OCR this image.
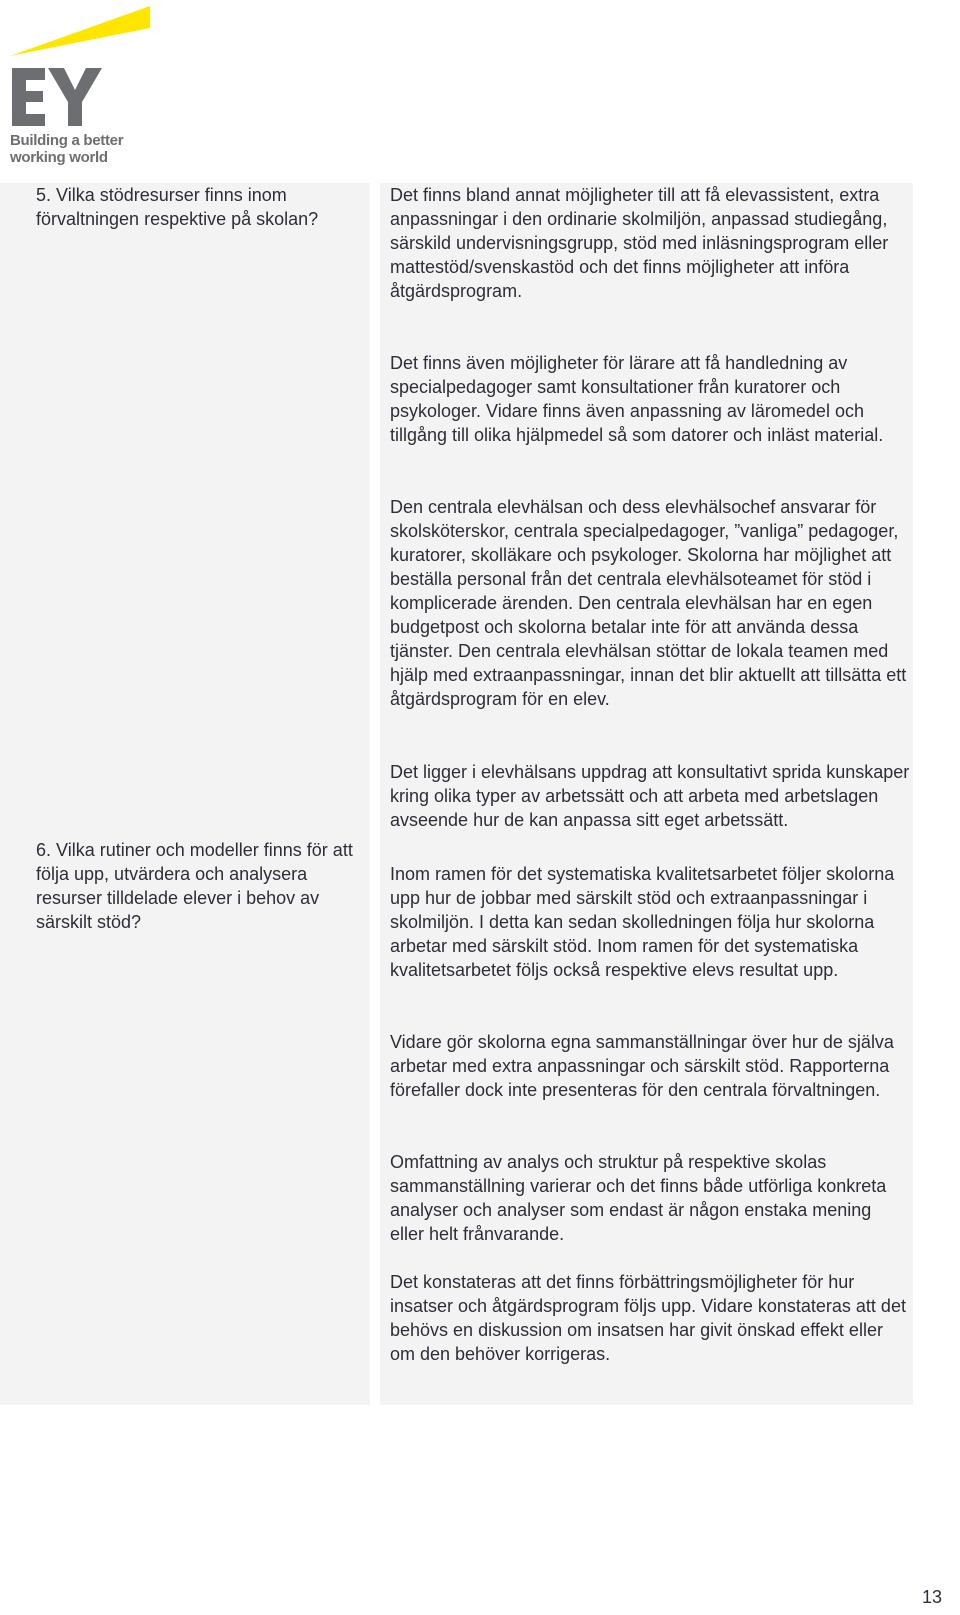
Building a better
working world

5. Vilka stödresurser finns inom förvaltningen respektive på skolan?

6. Vilka rutiner och modeller finns för att följa upp, utvärdera och analysera resurser tilldelade elever i behov av särskilt stöd?

Det finns bland annat möjligheter till att få elevassistent, extra anpassningar i den ordinarie skolmiljön, anpassad studiegång, särskild undervisningsgrupp, stöd med inläsningsprogram eller mattestöd/svenskastöd och det finns möjligheter att införa åtgärdsprogram.

Det finns även möjligheter för lärare att få handledning av specialpedagoger samt konsultationer från kuratorer och psykologer. Vidare finns även anpassning av läromedel och tillgång till olika hjälpmedel så som datorer och inläst material.

Den centrala elevhälsan och dess elevhälsochef ansvarar för skolsköterskor, centrala specialpedagoger, ”vanliga” pedagoger, kuratorer, skolläkare och psykologer. Skolorna har möjlighet att beställa personal från det centrala elevhälsoteamet för stöd i komplicerade ärenden. Den centrala elevhälsan har en egen budgetpost och skolorna betalar inte för att använda dessa tjänster. Den centrala elevhälsan stöttar de lokala teamen med hjälp med extraanpassningar, innan det blir aktuellt att tillsätta ett åtgärdsprogram för en elev.

Det ligger i elevhälsans uppdrag att konsultativt sprida kunskaper kring olika typer av arbetssätt och att arbeta med arbetslagen avseende hur de kan anpassa sitt eget arbetssätt.

Inom ramen för det systematiska kvalitetsarbetet följer skolorna upp hur de jobbar med särskilt stöd och extraanpassningar i skolmiljön. I detta kan sedan skolledningen följa hur skolorna arbetar med särskilt stöd. Inom ramen för det systematiska kvalitetsarbetet följs också respektive elevs resultat upp.

Vidare gör skolorna egna sammanställningar över hur de själva arbetar med extra anpassningar och särskilt stöd. Rapporterna förefaller dock inte presenteras för den centrala förvaltningen.

Omfattning av analys och struktur på respektive skolas sammanställning varierar och det finns både utförliga konkreta analyser och analyser som endast är någon enstaka mening eller helt frånvarande.

Det konstateras att det finns förbättringsmöjligheter för hur insatser och åtgärdsprogram följs upp. Vidare konstateras att det behövs en diskussion om insatsen har givit önskad effekt eller om den behöver korrigeras.

13
